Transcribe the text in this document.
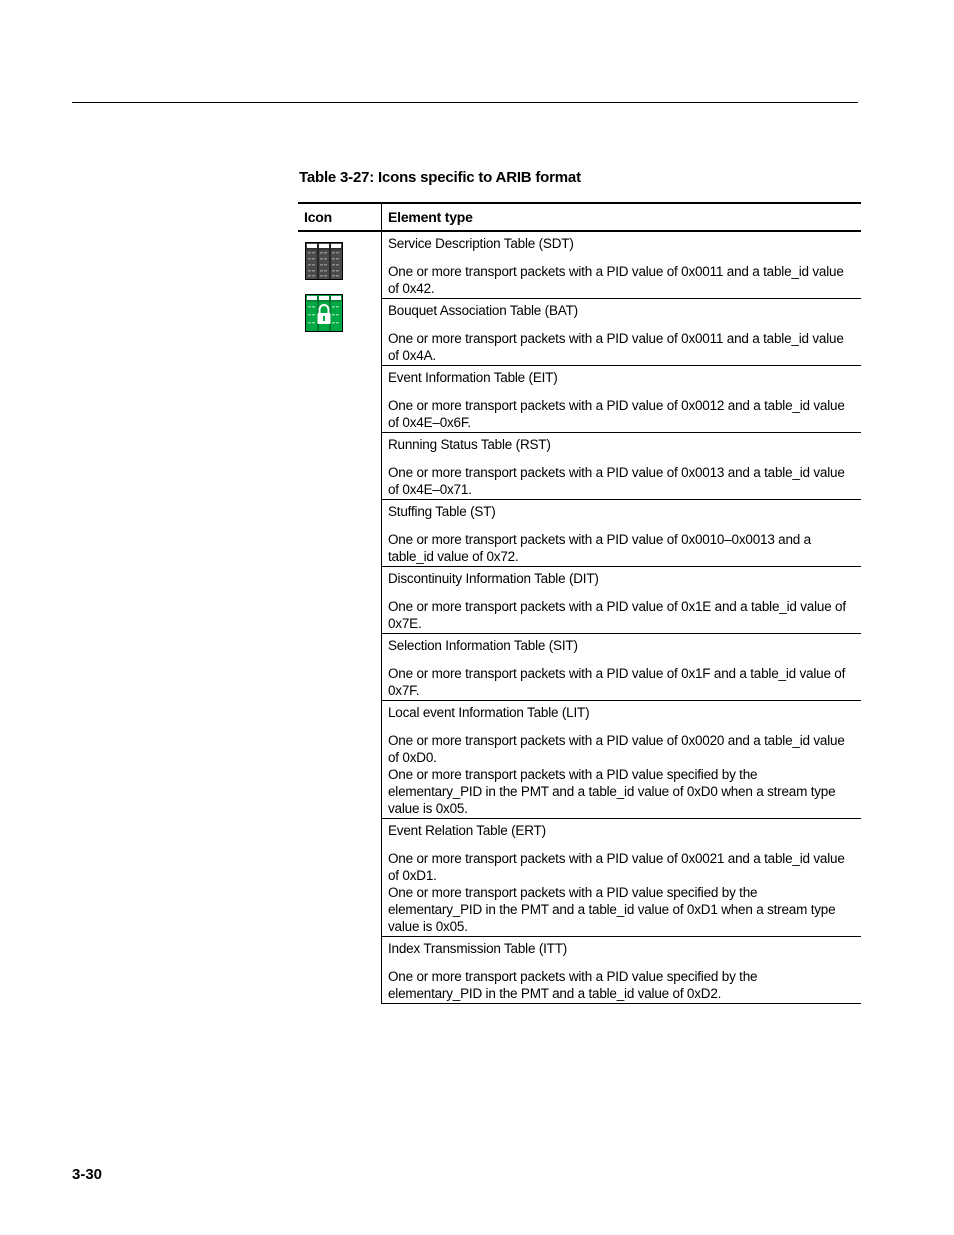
Table 3-27: Icons specific to ARIB format
Icon	Element type

Service Description Table (SDT)
One or more transport packets with a PID value of 0x0011 and a table_id value of 0x42.

	Bouquet Association Table (BAT)
One or more transport packets with a PID value of 0x0011 and a table_id value of 0x4A.

	Event Information Table (EIT)
One or more transport packets with a PID value of 0x0012 and a table_id value of 0x4E–0x6F.

	Running Status Table (RST)
One or more transport packets with a PID value of 0x0013 and a table_id value of 0x4E–0x71.

	Stuffing Table (ST)
One or more transport packets with a PID value of 0x0010–0x0013 and a table_id value of 0x72.

	Discontinuity Information Table (DIT)
One or more transport packets with a PID value of 0x1E and a table_id value of 0x7E.

	Selection Information Table (SIT)
One or more transport packets with a PID value of 0x1F and a table_id value of 0x7F.

	Local event Information Table (LIT)
One or more transport packets with a PID value of 0x0020 and a table_id value of 0xD0.
One or more transport packets with a PID value specified by the elementary_PID in the PMT and a table_id value of 0xD0 when a stream type value is 0x05.

	Event Relation Table (ERT)
One or more transport packets with a PID value of 0x0021 and a table_id value of 0xD1.
One or more transport packets with a PID value specified by the elementary_PID in the PMT and a table_id value of 0xD1 when a stream type value is 0x05.

	Index Transmission Table (ITT)
One or more transport packets with a PID value specified by the elementary_PID in the PMT and a table_id value of 0xD2.
3-30
